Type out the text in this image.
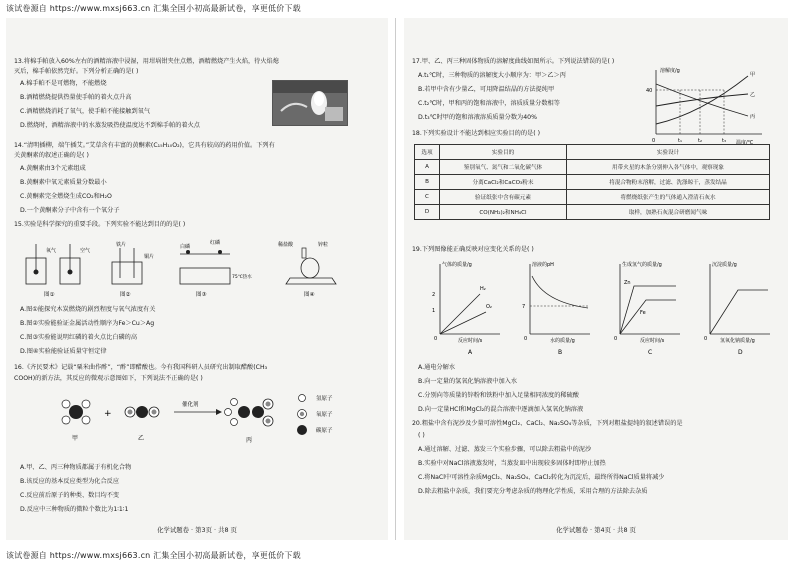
该试卷源自 https://www.mxsj663.cn 汇集全国小初高最新试卷，享更低价下载
该试卷源自 https://www.mxsj663.cn 汇集全国小初高最新试卷，享更低价下载
13.将棉手帕放入60%左右的酒精溶液中浸湿，用坩埚钳夹住点燃，酒精燃烧产生火焰，待火焰熄
灭后，棉手帕依然完好。下列分析正确的是( )
A.棉手帕不是可燃物，不能燃烧
B.酒精燃烧提供热量使手帕的着火点升高
C.酒精燃烧消耗了氧气，使手帕不能接触到氧气
D.燃烧时，酒精溶液中的水蒸发吸热使温度达不到棉手帕的着火点
14.“清明插柳，端午插艾。”艾草含有丰富的黄酮素(C₁₅H₁₀O₂)，它具有较高的药用价值。下列有
关黄酮素的叙述正确的是( )
A.黄酮素由3个元素组成
B.黄酮素中氧元素质量分数最小
C.黄酮素完全燃烧生成CO₂和H₂O
D.一个黄酮素分子中含有一个氧分子
15.实验是科学探究的重要手段。下列实验不能达到目的的是( )
氧气	空气
图①
铁片
铜片
图②
白磷
红磷
75℃热水
图③
稀盐酸	锌粒
图④
A.图①能探究木炭燃烧的剧烈程度与氧气浓度有关
B.图②实验能验证金属活动性顺序为Fe＞Cu＞Ag
C.图③实验能说明红磷的着火点比白磷的高
D.图④实验能验证质量守恒定律
16.《齐民要术》记载“粟米曲作酢”，“酢”即醋酸也。今有我国科研人员研究出制取醋酸(CH₃
COOH)的新方法，其反应的微观示意图如下，下列说法不正确的是( )
甲
+
乙
催化剂
丙
氢原子
氧原子
碳原子
A.甲、乙、丙三种物质都属于有机化合物
B.该反应的基本反应类型为化合反应
C.反应前后原子的种类、数目均不变
D.反应中三种物质的微粒个数比为1∶1∶1
化学试题卷 · 第3页 · 共8 页
17.甲、乙、丙三种固体物质的溶解度曲线如图所示。下列说法错误的是( )
A.t₁℃时，三种物质的溶解度大小顺序为：甲＞乙＞丙
B.若甲中含有少量乙，可用降温结晶的方法提纯甲
C.t₂℃时，甲和丙的饱和溶液中，溶质质量分数相等
D.t₃℃时甲的饱和溶液溶质质量分数为40%
溶解度/g
温度/℃
40
0	t₁	t₂	t₃
甲
乙
丙
18.下列实验设计不能达到相应实验目的的是( )
选项	实验目的	实验设计
A	鉴别氧气、氮气和二氧化碳气体	用带火星的木条分别伸入各气体中，观察现象
B	分离CaCl₂和CaCO₃粉末	将混合物粉末溶解，过滤、洗涤晾干，蒸发结晶
C	验证纸张中含有碳元素	将燃烧纸张产生的气体通入澄清石灰水
D	CO(NH₂)₂和NH₄Cl	取样，加熟石灰混合研磨闻气味
19.下列图像能正确反映对应变化关系的是( )
气体的质量/g
反应时间/s
2
1
0
H₂
O₂
A
溶液的pH
水的质量/g
7
0
B
生成氢气的质量/g
反应时间/s
0
Zn
Fe
C
沉淀质量/g
氢氧化钠质量/g
0
D
A.通电分解水
B.向一定量的氢氧化钠溶液中加入水
C.分别向等质量的锌粉和铁粉中加入足量相同浓度的稀硫酸
D.向一定量HCl和MgCl₂的混合溶液中逐滴加入氢氧化钠溶液
20.粗盐中含有泥沙及少量可溶性MgCl₂、CaCl₂、Na₂SO₄等杂质，下列对粗盐提纯的叙述错误的是
( )
A.通过溶解、过滤、蒸发三个实验步骤，可以除去粗盐中的泥沙
B.实验中对NaCl溶液蒸发时，当蒸发皿中出现较多固体时即停止加热
C.将NaCl中可溶性杂质MgCl₂、Na₂SO₄、CaCl₂转化为沉淀后，最终所得NaCl质量将减少
D.除去粗盐中杂质，我们要充分考虑杂质的物理化学性质，采用合理的方法除去杂质
化学试题卷 · 第4页 · 共8 页
